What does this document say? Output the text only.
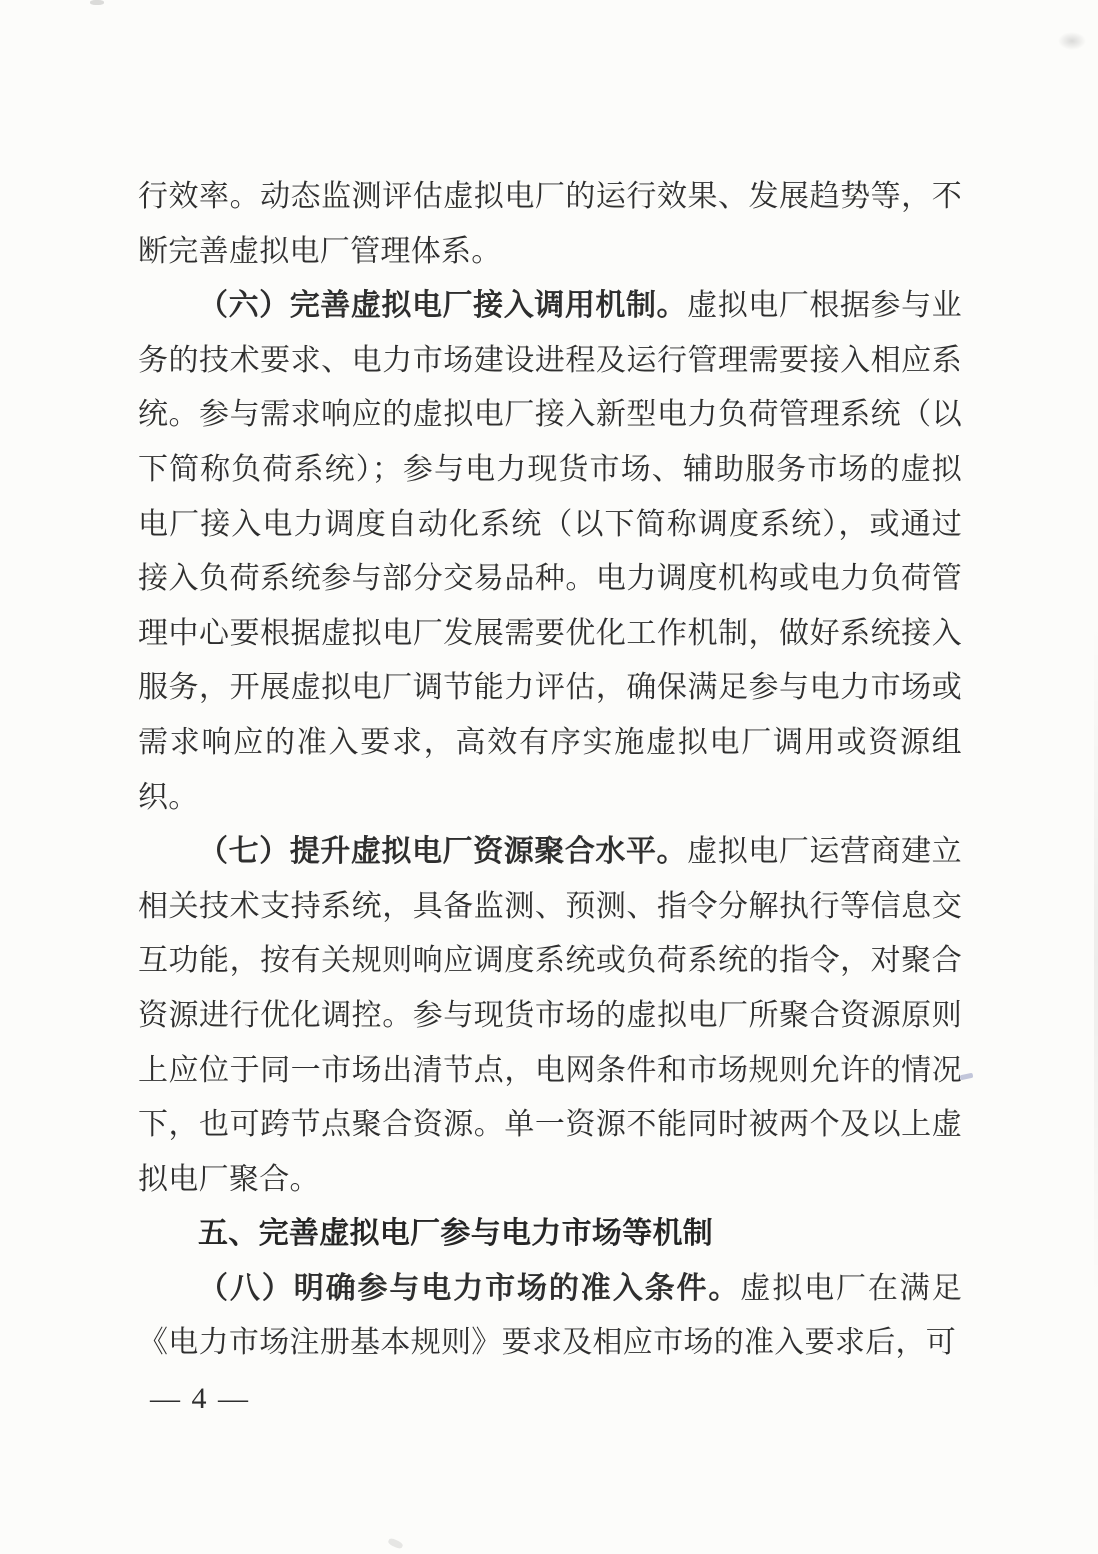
行效率。动态监测评估虚拟电厂的运行效果、发展趋势等，不断完善虚拟电厂管理体系。

（六）完善虚拟电厂接入调用机制。虚拟电厂根据参与业务的技术要求、电力市场建设进程及运行管理需要接入相应系统。参与需求响应的虚拟电厂接入新型电力负荷管理系统（以下简称负荷系统）；参与电力现货市场、辅助服务市场的虚拟电厂接入电力调度自动化系统（以下简称调度系统），或通过接入负荷系统参与部分交易品种。电力调度机构或电力负荷管理中心要根据虚拟电厂发展需要优化工作机制，做好系统接入服务，开展虚拟电厂调节能力评估，确保满足参与电力市场或需求响应的准入要求，高效有序实施虚拟电厂调用或资源组织。

（七）提升虚拟电厂资源聚合水平。虚拟电厂运营商建立相关技术支持系统，具备监测、预测、指令分解执行等信息交互功能，按有关规则响应调度系统或负荷系统的指令，对聚合资源进行优化调控。参与现货市场的虚拟电厂所聚合资源原则上应位于同一市场出清节点，电网条件和市场规则允许的情况下，也可跨节点聚合资源。单一资源不能同时被两个及以上虚拟电厂聚合。

五、完善虚拟电厂参与电力市场等机制

（八）明确参与电力市场的准入条件。虚拟电厂在满足《电力市场注册基本规则》要求及相应市场的准入要求后，可

— 4 —
